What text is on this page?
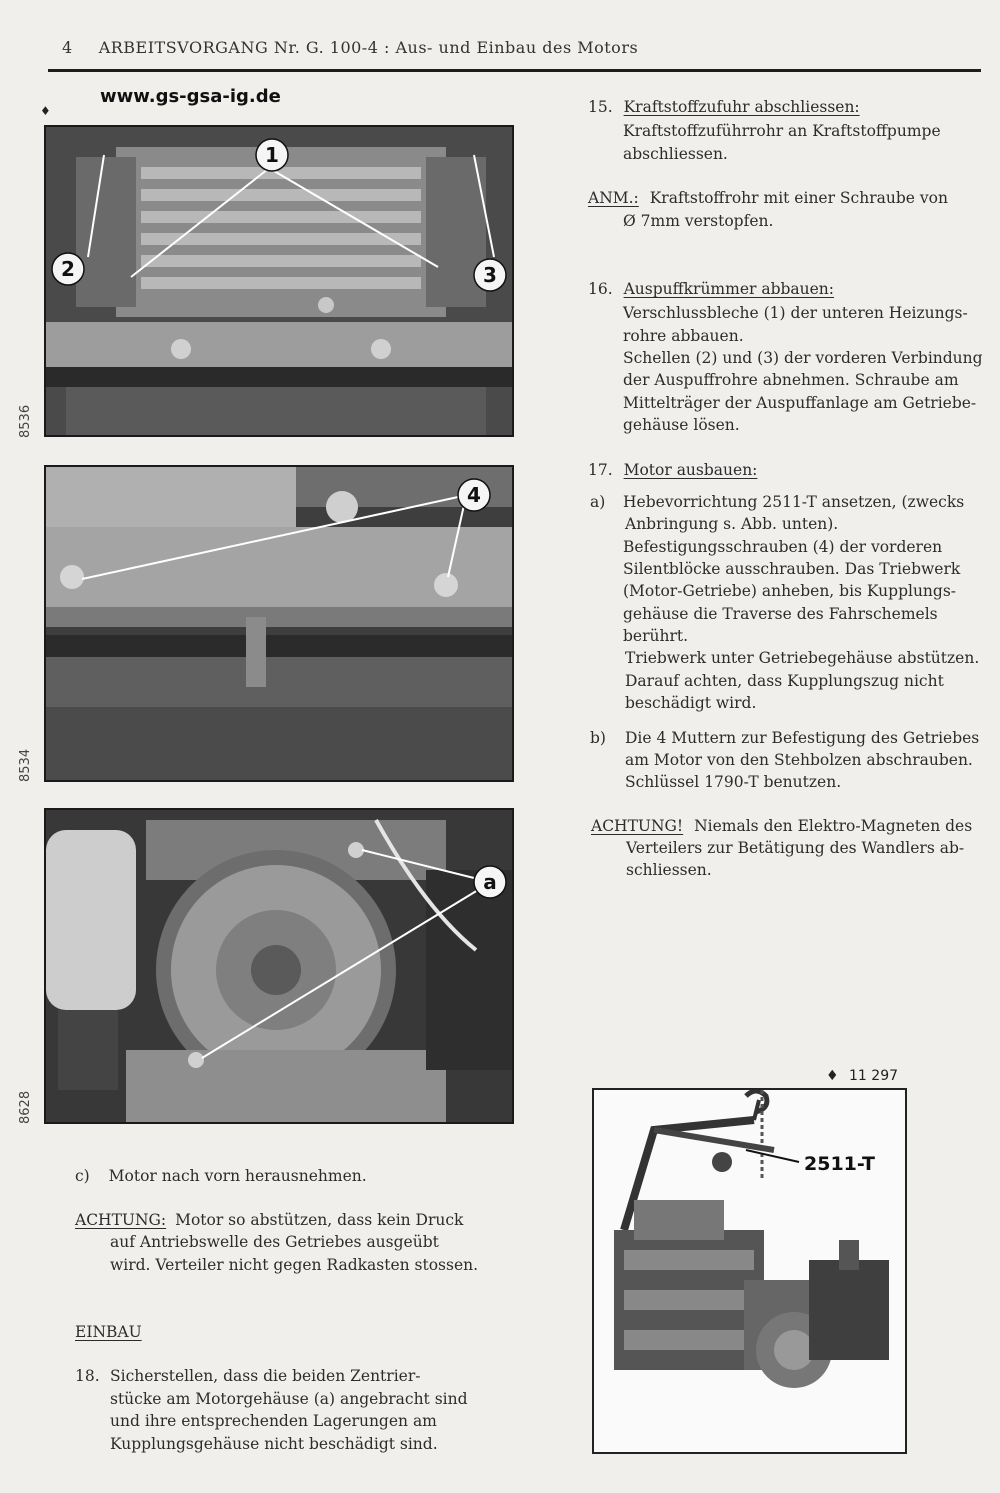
4 ARBEITSVORGANG Nr. G. 100-4 : Aus- und Einbau des Motors
www.gs-gsa-ig.de
♦
1
2	3
8536
4
8534
a
8628
15. Kraftstoffzufuhr abschliessen:
Kraftstoffzuführrohr an Kraftstoffpumpe
abschliessen.
ANM.: Kraftstoffrohr mit einer Schraube von
Ø 7mm verstopfen.
16. Auspuffkrümmer abbauen:
Verschlussbleche (1) der unteren Heizungs-
rohre abbauen.
Schellen (2) und (3) der vorderen Verbindung
der Auspuffrohre abnehmen. Schraube am
Mittelträger der Auspuffanlage am Getriebe-
gehäuse lösen.
17. Motor ausbauen:
a) Hebevorrichtung 2511-T ansetzen, (zwecks
Anbringung s. Abb. unten).
Befestigungsschrauben (4) der vorderen
Silentblöcke ausschrauben. Das Triebwerk
(Motor-Getriebe) anheben, bis Kupplungs-
gehäuse die Traverse des Fahrschemels
berührt.
Triebwerk unter Getriebegehäuse abstützen.
Darauf achten, dass Kupplungszug nicht
beschädigt wird.
b) Die 4 Muttern zur Befestigung des Getriebes
am Motor von den Stehbolzen abschrauben.
Schlüssel 1790-T benutzen.
ACHTUNG! Niemals den Elektro-Magneten des
Verteilers zur Betätigung des Wandlers ab-
schliessen.
♦ 11 297
2511-T
c) Motor nach vorn herausnehmen.
ACHTUNG: Motor so abstützen, dass kein Druck
auf Antriebswelle des Getriebes ausgeübt
wird. Verteiler nicht gegen Radkasten stossen.
EINBAU
18. Sicherstellen, dass die beiden Zentrier-
stücke am Motorgehäuse (a) angebracht sind
und ihre entsprechenden Lagerungen am
Kupplungsgehäuse nicht beschädigt sind.
